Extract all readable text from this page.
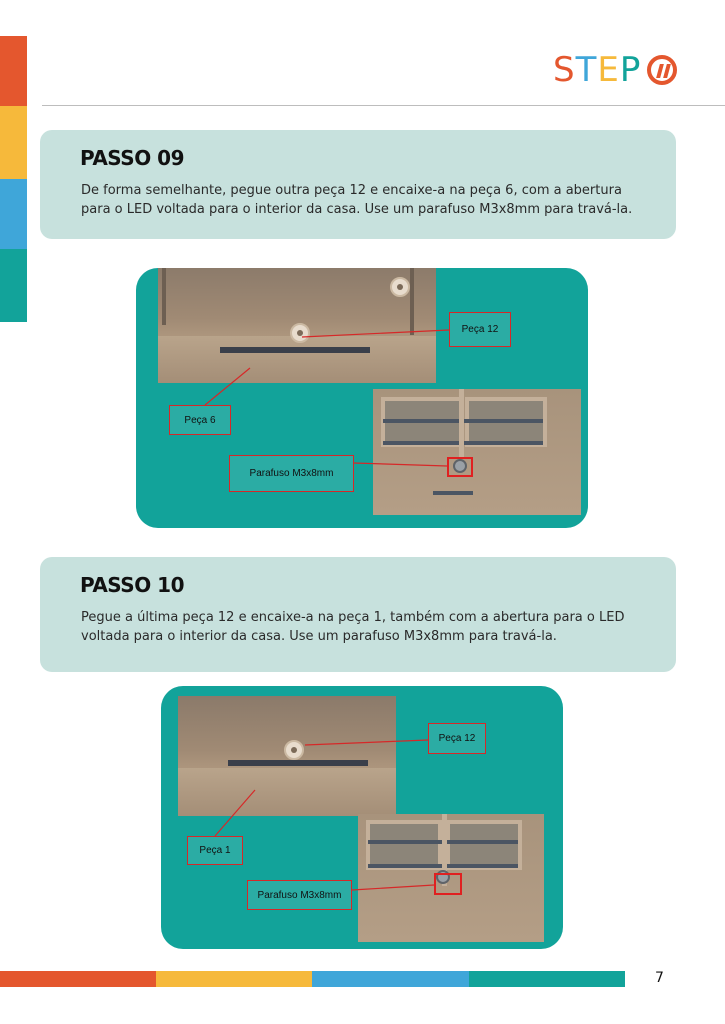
STEP
PASSO 09

De forma semelhante, pegue outra peça 12 e encaixe-a na peça 6, com a abertura para o LED voltada para o interior da casa. Use um parafuso M3x8mm para travá-la.

Peça 12
Peça 6
Parafuso M3x8mm
PASSO 10

Pegue a última peça 12 e encaixe-a na peça 1, também com a abertura para o LED voltada para o interior da casa. Use um parafuso M3x8mm para travá-la.

Peça 12
Peça 1
Parafuso M3x8mm
7
